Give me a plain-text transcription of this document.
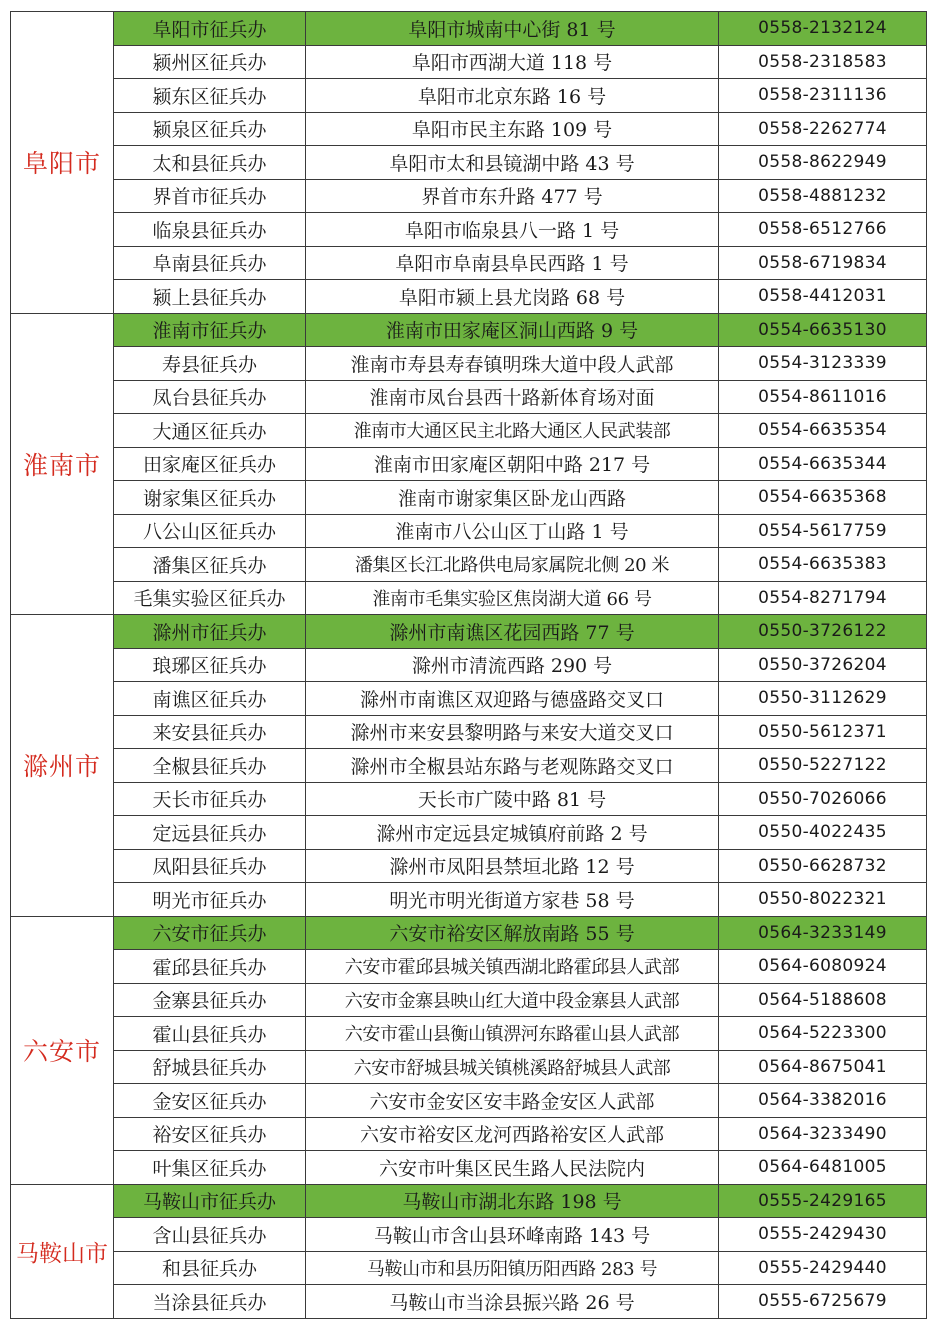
阜阳市	阜阳市征兵办	阜阳市城南中心街 81 号	0558-2132124
	颍州区征兵办	阜阳市西湖大道 118 号	0558-2318583
	颍东区征兵办	阜阳市北京东路 16 号	0558-2311136
	颍泉区征兵办	阜阳市民主东路 109 号	0558-2262774
	太和县征兵办	阜阳市太和县镜湖中路 43 号	0558-8622949
	界首市征兵办	界首市东升路 477 号	0558-4881232
	临泉县征兵办	阜阳市临泉县八一路 1 号	0558-6512766
	阜南县征兵办	阜阳市阜南县阜民西路 1 号	0558-6719834
	颍上县征兵办	阜阳市颍上县尤岗路 68 号	0558-4412031
淮南市	淮南市征兵办	淮南市田家庵区洞山西路 9 号	0554-6635130
	寿县征兵办	淮南市寿县寿春镇明珠大道中段人武部	0554-3123339
	凤台县征兵办	淮南市凤台县西十路新体育场对面	0554-8611016
	大通区征兵办	淮南市大通区民主北路大通区人民武装部	0554-6635354
	田家庵区征兵办	淮南市田家庵区朝阳中路 217 号	0554-6635344
	谢家集区征兵办	淮南市谢家集区卧龙山西路	0554-6635368
	八公山区征兵办	淮南市八公山区丁山路 1 号	0554-5617759
	潘集区征兵办	潘集区长江北路供电局家属院北侧 20 米	0554-6635383
	毛集实验区征兵办	淮南市毛集实验区焦岗湖大道 66 号	0554-8271794
滁州市	滁州市征兵办	滁州市南谯区花园西路 77 号	0550-3726122
	琅琊区征兵办	滁州市清流西路 290 号	0550-3726204
	南谯区征兵办	滁州市南谯区双迎路与德盛路交叉口	0550-3112629
	来安县征兵办	滁州市来安县黎明路与来安大道交叉口	0550-5612371
	全椒县征兵办	滁州市全椒县站东路与老观陈路交叉口	0550-5227122
	天长市征兵办	天长市广陵中路 81 号	0550-7026066
	定远县征兵办	滁州市定远县定城镇府前路 2 号	0550-4022435
	凤阳县征兵办	滁州市凤阳县禁垣北路 12 号	0550-6628732
	明光市征兵办	明光市明光街道方家巷 58 号	0550-8022321
六安市	六安市征兵办	六安市裕安区解放南路 55 号	0564-3233149
	霍邱县征兵办	六安市霍邱县城关镇西湖北路霍邱县人武部	0564-6080924
	金寨县征兵办	六安市金寨县映山红大道中段金寨县人武部	0564-5188608
	霍山县征兵办	六安市霍山县衡山镇淠河东路霍山县人武部	0564-5223300
	舒城县征兵办	六安市舒城县城关镇桃溪路舒城县人武部	0564-8675041
	金安区征兵办	六安市金安区安丰路金安区人武部	0564-3382016
	裕安区征兵办	六安市裕安区龙河西路裕安区人武部	0564-3233490
	叶集区征兵办	六安市叶集区民生路人民法院内	0564-6481005
马鞍山市	马鞍山市征兵办	马鞍山市湖北东路 198 号	0555-2429165
	含山县征兵办	马鞍山市含山县环峰南路 143 号	0555-2429430
	和县征兵办	马鞍山市和县历阳镇历阳西路 283 号	0555-2429440
	当涂县征兵办	马鞍山市当涂县振兴路 26 号	0555-6725679
